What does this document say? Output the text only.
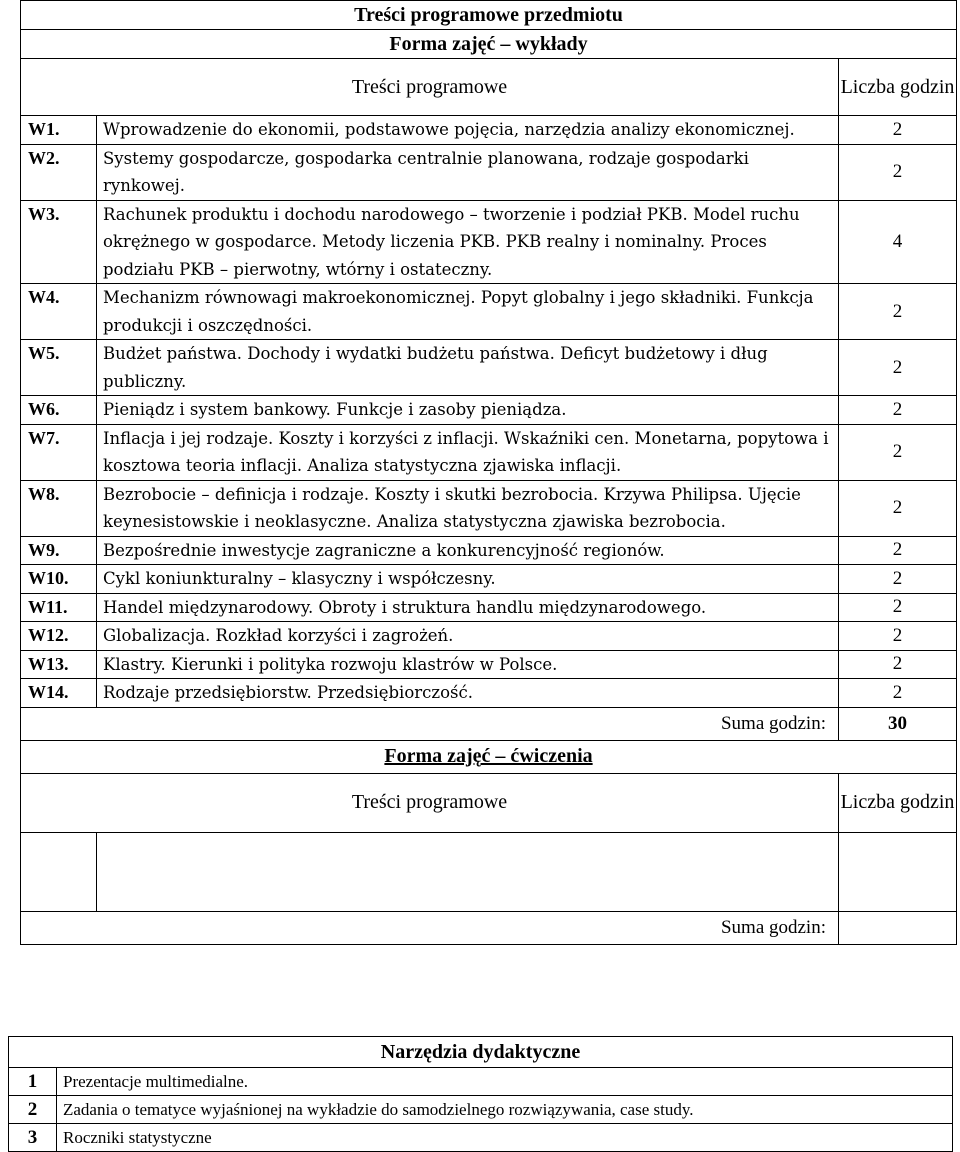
Treści programowe przedmiotu		
Forma zajęć – wykłady		
Treści programowe		Liczba godzin
W1.	Wprowadzenie do ekonomii, podstawowe pojęcia, narzędzia analizy ekonomicznej.	2
W2.	Systemy gospodarcze, gospodarka centralnie planowana, rodzaje gospodarki rynkowej.	2
W3.	Rachunek produktu i dochodu narodowego – tworzenie i podział PKB. Model ruchu okrężnego w gospodarce. Metody liczenia PKB. PKB realny i nominalny. Proces podziału PKB – pierwotny, wtórny i ostateczny.	4
W4.	Mechanizm równowagi makroekonomicznej. Popyt globalny i jego składniki. Funkcja produkcji i oszczędności.	2
W5.	Budżet państwa. Dochody i wydatki budżetu państwa. Deficyt budżetowy i dług publiczny.	2
W6.	Pieniądz i system bankowy. Funkcje i zasoby pieniądza.	2
W7.	Inflacja i jej rodzaje. Koszty i korzyści z inflacji. Wskaźniki cen. Monetarna, popytowa i kosztowa teoria inflacji. Analiza statystyczna zjawiska inflacji.	2
W8.	Bezrobocie – definicja i rodzaje. Koszty i skutki bezrobocia. Krzywa Philipsa. Ujęcie keynesistowskie i neoklasyczne. Analiza statystyczna zjawiska bezrobocia.	2
W9.	Bezpośrednie inwestycje zagraniczne a konkurencyjność regionów.	2
W10.	Cykl koniunkturalny – klasyczny i współczesny.	2
W11.	Handel międzynarodowy. Obroty i struktura handlu międzynarodowego.	2
W12.	Globalizacja. Rozkład korzyści i zagrożeń.	2
W13.	Klastry. Kierunki i polityka rozwoju klastrów w Polsce.	2
W14.	Rodzaje przedsiębiorstw. Przedsiębiorczość.	2
Suma godzin:		30
Forma zajęć – ćwiczenia		
Treści programowe		Liczba godzin

Suma godzin:		
Narzędzia dydaktyczne	
1	Prezentacje multimedialne.
2	Zadania o tematyce wyjaśnionej na wykładzie do samodzielnego rozwiązywania, case study.
3	Roczniki statystyczne
